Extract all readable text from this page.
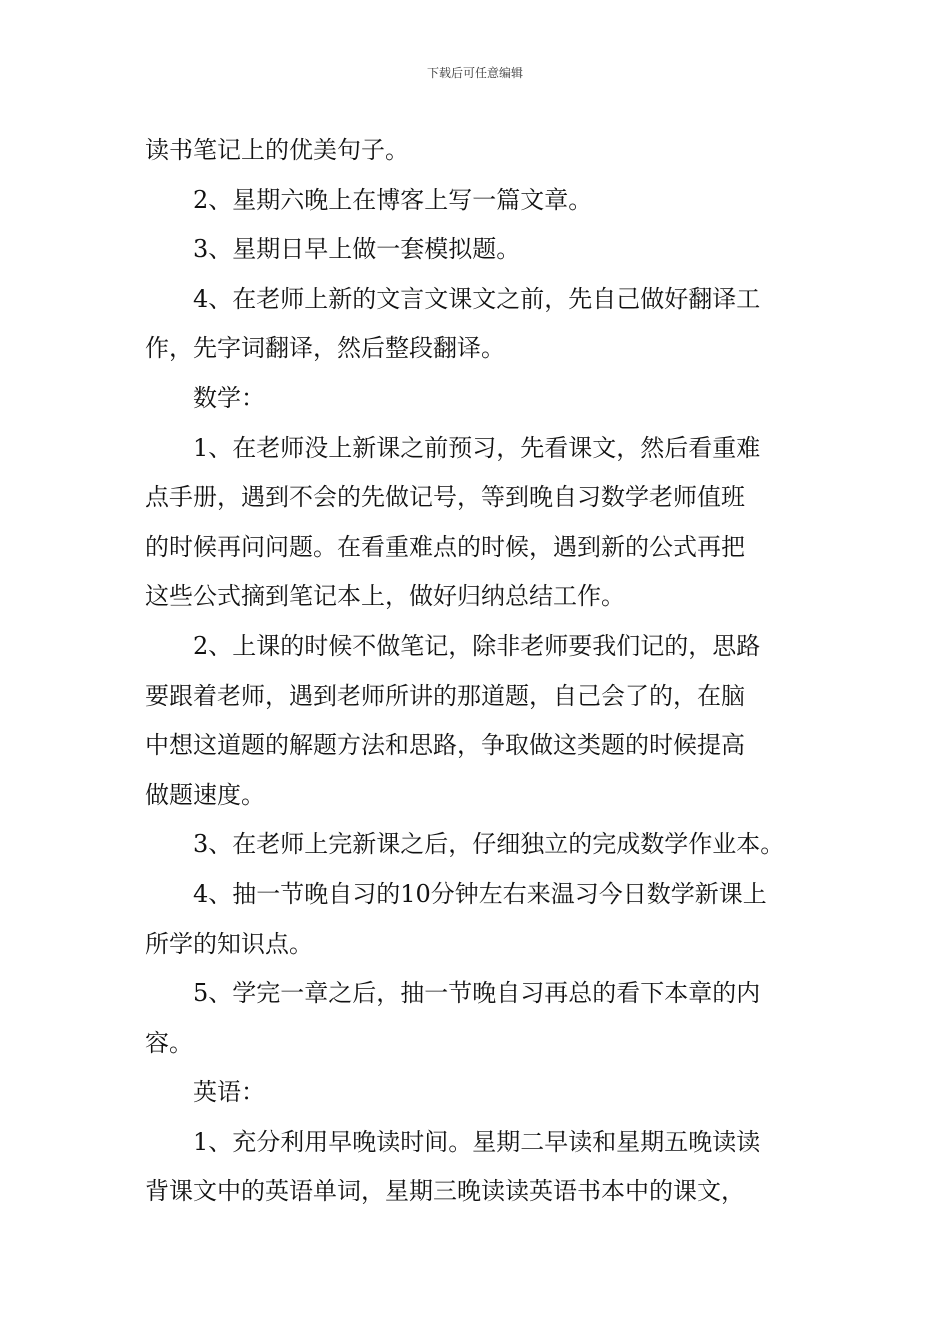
下载后可任意编辑

读书笔记上的优美句子。

2、星期六晚上在博客上写一篇文章。

3、星期日早上做一套模拟题。

4、在老师上新的文言文课文之前，先自己做好翻译工
作，先字词翻译，然后整段翻译。

数学：

1、在老师没上新课之前预习，先看课文，然后看重难
点手册，遇到不会的先做记号，等到晚自习数学老师值班
的时候再问问题。在看重难点的时候，遇到新的公式再把
这些公式摘到笔记本上，做好归纳总结工作。

2、上课的时候不做笔记，除非老师要我们记的，思路
要跟着老师，遇到老师所讲的那道题，自己会了的，在脑
中想这道题的解题方法和思路，争取做这类题的时候提高
做题速度。

3、在老师上完新课之后，仔细独立的完成数学作业本。

4、抽一节晚自习的10分钟左右来温习今日数学新课上
所学的知识点。

5、学完一章之后，抽一节晚自习再总的看下本章的内
容。

英语：

1、充分利用早晚读时间。星期二早读和星期五晚读读
背课文中的英语单词，星期三晚读读英语书本中的课文，
